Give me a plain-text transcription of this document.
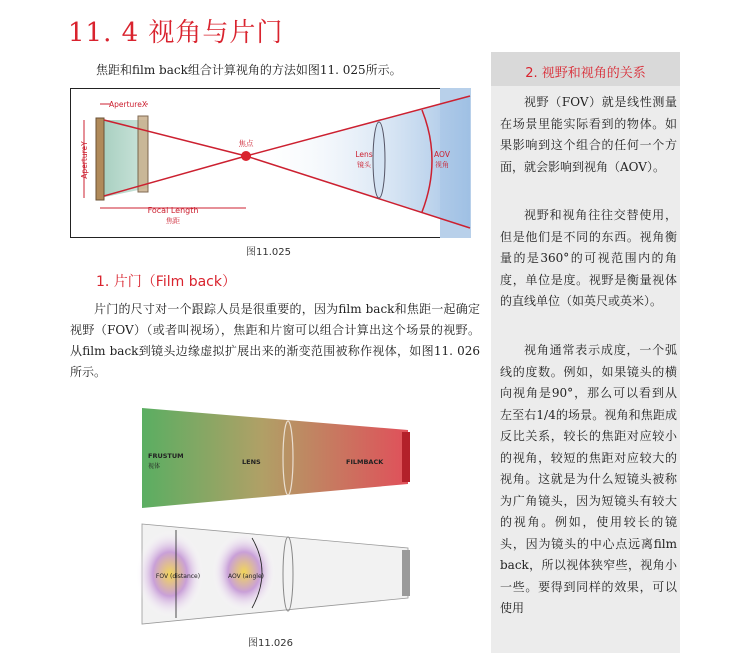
11. 4 视角与片门
焦距和film back组合计算视角的方法如图11. 025所示。
ApertureX
ApertureY
Focal Length
焦距
焦点
Lens
镜头
AOV
视角
图11.025
1. 片门（Film back）
片门的尺寸对一个跟踪人员是很重要的，因为film back和焦距一起确定视野（FOV）（或者叫视场），焦距和片窗可以组合计算出这个场景的视野。从film back到镜头边缘虚拟扩展出来的渐变范围被称作视体，如图11. 026所示。
FRUSTUM
视体
LENS	FILMBACK
FOV (distance)	AOV (angle)
图11.026
2. 视野和视角的关系
视野（FOV）就是线性测量在场景里能实际看到的物体。如果影响到这个组合的任何一个方面，就会影响到视角（AOV）。
视野和视角往往交替使用，但是他们是不同的东西。视角衡量的是360°的可视范围内的角度，单位是度。视野是衡量视体的直线单位（如英尺或英米）。
视角通常表示成度，一个弧线的度数。例如，如果镜头的横向视角是90°，那么可以看到从左至右1/4的场景。视角和焦距成反比关系，较长的焦距对应较小的视角，较短的焦距对应较大的视角。这就是为什么短镜头被称为广角镜头，因为短镜头有较大的视角。例如，使用较长的镜头，因为镜头的中心点远离film back，所以视体狭窄些，视角小一些。要得到同样的效果，可以使用
